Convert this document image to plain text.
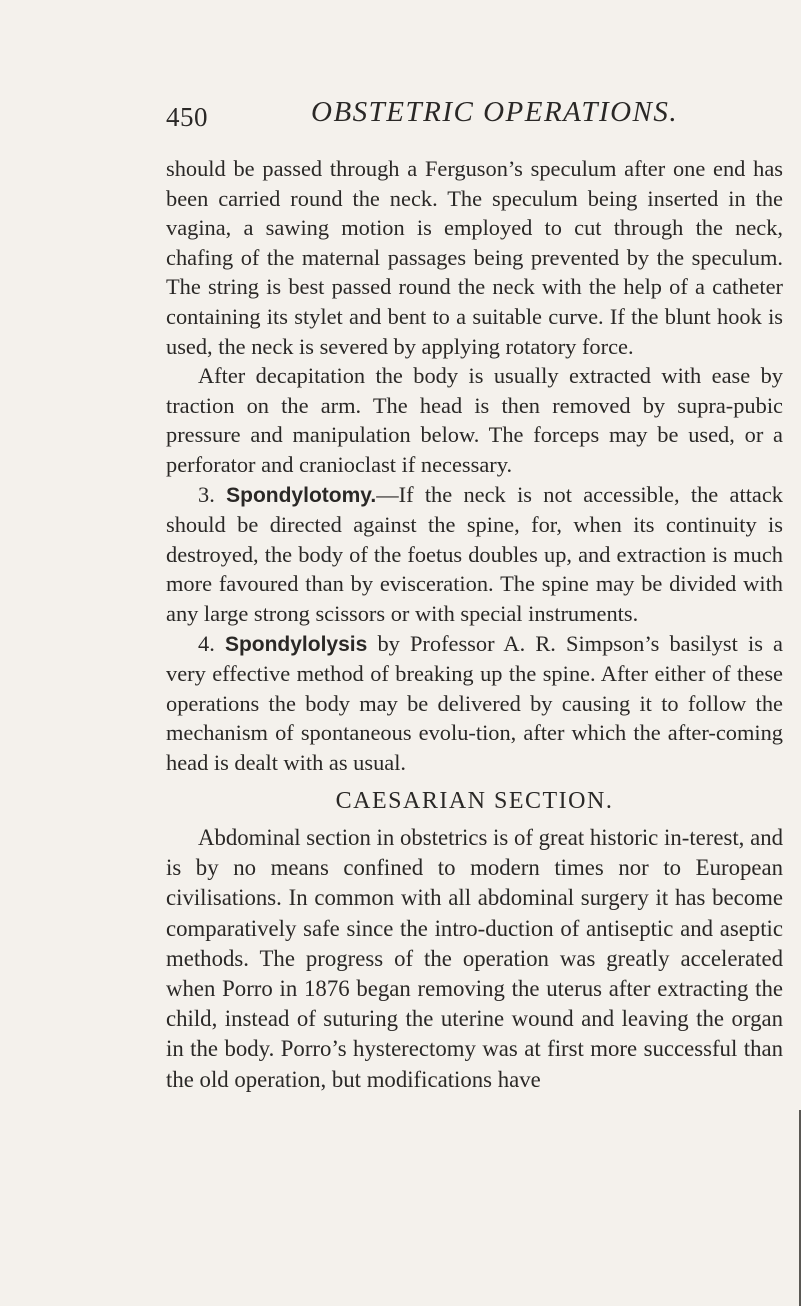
450	OBSTETRIC OPERATIONS.

should be passed through a Ferguson’s speculum after one end has been carried round the neck. The speculum being inserted in the vagina, a sawing motion is employed to cut through the neck, chafing of the maternal passages being prevented by the speculum. The string is best passed round the neck with the help of a catheter containing its stylet and bent to a suitable curve. If the blunt hook is used, the neck is severed by applying rotatory force.

After decapitation the body is usually extracted with ease by traction on the arm. The head is then removed by supra-pubic pressure and manipulation below. The forceps may be used, or a perforator and cranioclast if necessary.

3. Spondylotomy.—If the neck is not accessible, the attack should be directed against the spine, for, when its continuity is destroyed, the body of the foetus doubles up, and extraction is much more favoured than by evisceration. The spine may be divided with any large strong scissors or with special instruments.

4. Spondylolysis by Professor A. R. Simpson’s basilyst is a very effective method of breaking up the spine. After either of these operations the body may be delivered by causing it to follow the mechanism of spontaneous evolu-tion, after which the after-coming head is dealt with as usual.

CAESARIAN SECTION.

Abdominal section in obstetrics is of great historic in-terest, and is by no means confined to modern times nor to European civilisations. In common with all abdominal surgery it has become comparatively safe since the intro-duction of antiseptic and aseptic methods. The progress of the operation was greatly accelerated when Porro in 1876 began removing the uterus after extracting the child, instead of suturing the uterine wound and leaving the organ in the body. Porro’s hysterectomy was at first more successful than the old operation, but modifications have
